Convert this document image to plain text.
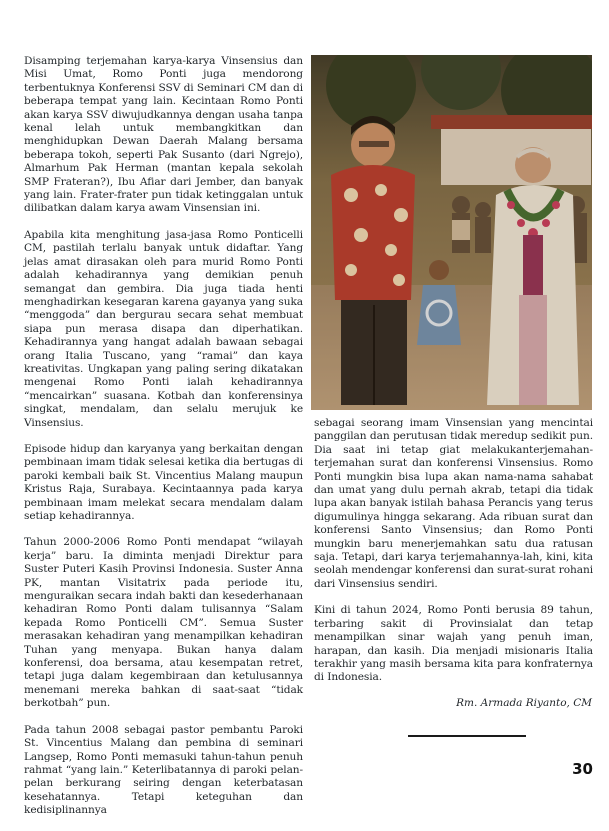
Disamping terjemahan karya-karya Vinsensius dan Misi Umat, Romo Ponti juga mendorong terbentuknya Konferensi SSV di Seminari CM dan di beberapa tempat yang lain. Kecintaan Romo Ponti akan karya SSV diwujudkannya dengan usaha tanpa kenal lelah untuk membangkitkan dan menghidupkan Dewan Daerah Malang bersama beberapa tokoh, seperti Pak Susanto (dari Ngrejo), Almarhum Pak Herman (mantan kepala sekolah SMP Frateran?), Ibu Afiar dari Jember, dan banyak yang lain. Frater-frater pun tidak ketinggalan untuk dilibatkan dalam karya awam Vinsensian ini.

Apabila kita menghitung jasa-jasa Romo Ponticelli CM, pastilah terlalu banyak untuk didaftar. Yang jelas amat dirasakan oleh para murid Romo Ponti adalah kehadirannya yang demikian penuh semangat dan gembira. Dia juga tiada henti menghadirkan kesegaran karena gayanya yang suka “menggoda” dan bergurau secara sehat membuat siapa pun merasa disapa dan diperhatikan. Kehadirannya yang hangat adalah bawaan sebagai orang Italia Tuscano, yang “ramai” dan kaya kreativitas. Ungkapan yang paling sering dikatakan mengenai Romo Ponti ialah kehadirannya “mencairkan” suasana. Kotbah dan konferensinya singkat, mendalam, dan selalu merujuk ke Vinsensius.

Episode hidup dan karyanya yang berkaitan dengan pembinaan imam tidak selesai ketika dia bertugas di paroki kembali baik St. Vincentius Malang maupun Kristus Raja, Surabaya. Kecintaannya pada karya pembinaan imam melekat secara mendalam dalam setiap kehadirannya.

Tahun 2000-2006 Romo Ponti mendapat “wilayah kerja” baru. Ia diminta menjadi Direktur para Suster Puteri Kasih Provinsi Indonesia. Suster Anna PK, mantan Visitatrix pada periode itu, menguraikan secara indah bakti dan kesederhanaan kehadiran Romo Ponti dalam tulisannya “Salam kepada Romo Ponticelli CM”. Semua Suster merasakan kehadiran yang menampilkan kehadiran Tuhan yang menyapa. Bukan hanya dalam konferensi, doa bersama, atau kesempatan retret, tetapi juga dalam kegembiraan dan ketulusannya menemani mereka bahkan di saat-saat “tidak berkotbah” pun.

Pada tahun 2008 sebagai pastor pembantu Paroki St. Vincentius Malang dan pembina di seminari Langsep, Romo Ponti memasuki tahun-tahun penuh rahmat “yang lain.” Keterlibatannya di paroki pelan-pelan berkurang seiring dengan keterbatasan kesehatannya. Tetapi keteguhan dan kedisiplinannya

sebagai seorang imam Vinsensian yang mencintai panggilan dan perutusan tidak meredup sedikit pun. Dia saat ini tetap giat melakukanterjemahan-terjemahan surat dan konferensi Vinsensius. Romo Ponti mungkin bisa lupa akan nama-nama sahabat dan umat yang dulu pernah akrab, tetapi dia tidak lupa akan banyak istilah bahasa Perancis yang terus digumulinya hingga sekarang. Ada ribuan surat dan konferensi Santo Vinsensius; dan Romo Ponti mungkin baru menerjemahkan satu dua ratusan saja. Tetapi, dari karya terjemahannya-lah, kini, kita seolah mendengar konferensi dan surat-surat rohani dari Vinsensius sendiri.

Kini di tahun 2024, Romo Ponti berusia 89 tahun, terbaring sakit di Provinsialat dan tetap menampilkan sinar wajah yang penuh iman, harapan, dan kasih. Dia menjadi misionaris Italia terakhir yang masih bersama kita para konfraternya di Indonesia.

Rm. Armada Riyanto, CM
30
